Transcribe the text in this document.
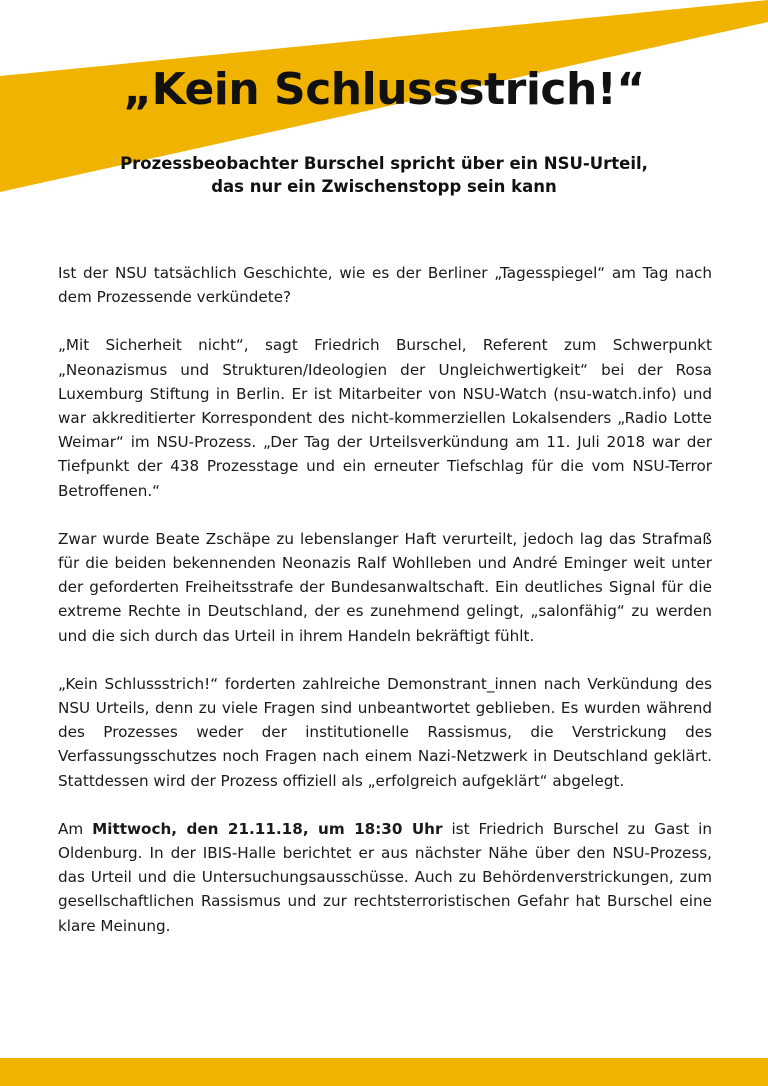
„Kein Schlussstrich!“
Prozessbeobachter Burschel spricht über ein NSU-Urteil,
das nur ein Zwischenstopp sein kann

Ist der NSU tatsächlich Geschichte, wie es der Berliner „Tagesspiegel“ am Tag nach dem Prozessende verkündete?

„Mit Sicherheit nicht“, sagt Friedrich Burschel, Referent zum Schwerpunkt „Neonazismus und Strukturen/Ideologien der Ungleichwertigkeit“ bei der Rosa Luxemburg Stiftung in Berlin. Er ist Mitarbeiter von NSU-Watch (nsu-watch.info) und war akkreditierter Korrespondent des nicht-kommerziellen Lokalsenders „Radio Lotte Weimar“ im NSU-Prozess. „Der Tag der Urteilsverkündung am 11. Juli 2018 war der Tiefpunkt der 438 Prozesstage und ein erneuter Tiefschlag für die vom NSU-Terror Betroffenen.“

Zwar wurde Beate Zschäpe zu lebenslanger Haft verurteilt, jedoch lag das Strafmaß für die beiden bekennenden Neonazis Ralf Wohlleben und André Eminger weit unter der geforderten Freiheitsstrafe der Bundesanwaltschaft. Ein deutliches Signal für die extreme Rechte in Deutschland, der es zunehmend gelingt, „salonfähig“ zu werden und die sich durch das Urteil in ihrem Handeln bekräftigt fühlt.

„Kein Schlussstrich!“ forderten zahlreiche Demonstrant_innen nach Verkündung des NSU Urteils, denn zu viele Fragen sind unbeantwortet geblieben. Es wurden während des Prozesses weder der institutionelle Rassismus, die Verstrickung des Verfassungsschutzes noch Fragen nach einem Nazi-Netzwerk in Deutschland geklärt. Stattdessen wird der Prozess offiziell als „erfolgreich aufgeklärt“ abgelegt.

Am Mittwoch, den 21.11.18, um 18:30 Uhr ist Friedrich Burschel zu Gast in Oldenburg. In der IBIS-Halle berichtet er aus nächster Nähe über den NSU-Prozess, das Urteil und die Untersuchungsausschüsse. Auch zu Behördenverstrickungen, zum gesellschaftlichen Rassismus und zur rechtsterroristischen Gefahr hat Burschel eine klare Meinung.
